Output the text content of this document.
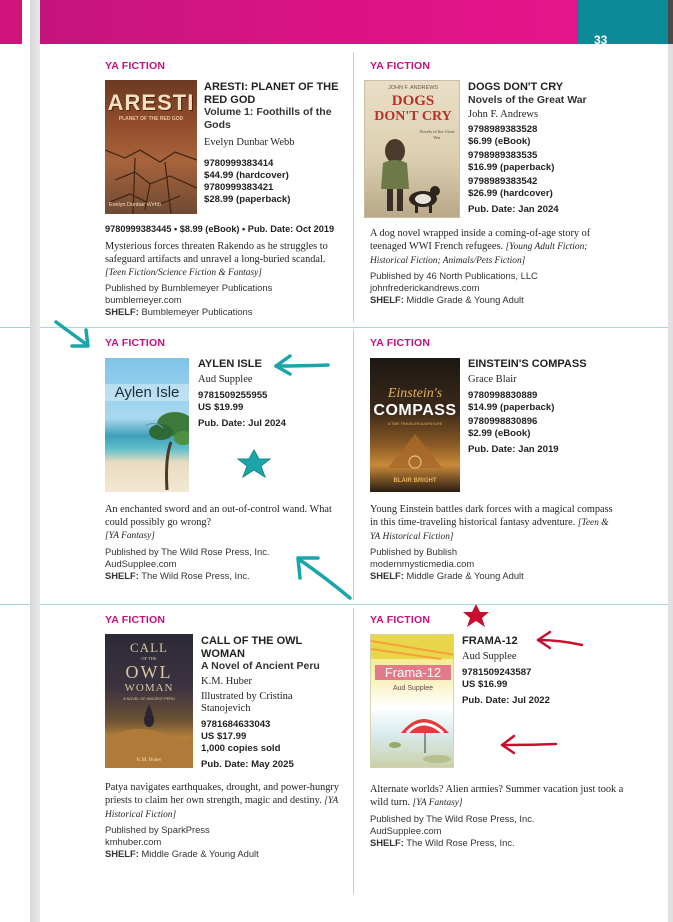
33
YA FICTION
ARESTI
PLANET OF THE RED GOD
Evelyn Dunbar Webb
ARESTI: PLANET OF THE RED GOD
Volume 1: Foothills of the Gods
Evelyn Dunbar Webb
9780999383414
$44.99 (hardcover)
9780999383421
$28.99 (paperback)
9780999383445 • $8.99 (eBook) • Pub. Date: Oct 2019
Mysterious forces threaten Rakendo as he struggles to safeguard artifacts and unravel a long-buried scandal. [Teen Fiction/Science Fiction & Fantasy]
Published by Bumblemeyer Publications
bumblemeyer.com
SHELF: Bumblemeyer Publications
YA FICTION
JOHN F. ANDREWS
DOGS
DON'T CRY
Novels of the Great War
DOGS DON'T CRY
Novels of the Great War
John F. Andrews
9798989383528
$6.99 (eBook)
9798989383535
$16.99 (paperback)
9798989383542
$26.99 (hardcover)
Pub. Date: Jan 2024
A dog novel wrapped inside a coming-of-age story of teenaged WWI French refugees. [Young Adult Fiction; Historical Fiction; Animals/Pets Fiction]
Published by 46 North Publications, LLC
johnfrederickandrews.com
SHELF: Middle Grade & Young Adult
YA FICTION
Aylen Isle
AYLEN ISLE
Aud Supplee
9781509255955
US $19.99
Pub. Date: Jul 2024
An enchanted sword and an out-of-control wand. What could possibly go wrong?
[YA Fantasy]
Published by The Wild Rose Press, Inc.
AudSupplee.com
SHELF: The Wild Rose Press, Inc.
YA FICTION
Einstein's
COMPASS
A TIME TRAVELER ADVENTURE
BLAIR BRIGHT
EINSTEIN'S COMPASS
Grace Blair
9780998830889
$14.99 (paperback)
9780998830896
$2.99 (eBook)
Pub. Date: Jan 2019
Young Einstein battles dark forces with a magical compass in this time-traveling historical fantasy adventure. [Teen & YA Historical Fiction]
Published by Bublish
modernmysticmedia.com
SHELF: Middle Grade & Young Adult
YA FICTION
CALL
OF THE
OWL
WOMAN
A NOVEL OF ANCIENT PERU
K.M. Huber
CALL OF THE OWL WOMAN
A Novel of Ancient Peru
K.M. Huber
Illustrated by Cristina Stanojevich
9781684633043
US $17.99
1,000 copies sold
Pub. Date: May 2025
Patya navigates earthquakes, drought, and power-hungry priests to claim her own strength, magic and destiny. [YA Historical Fiction]
Published by SparkPress
kmhuber.com
SHELF: Middle Grade & Young Adult
YA FICTION
Frama-12
Aud Supplee
FRAMA-12
Aud Supplee
9781509243587
US $16.99
Pub. Date: Jul 2022
Alternate worlds? Alien armies? Summer vacation just took a wild turn. [YA Fantasy]
Published by The Wild Rose Press, Inc.
AudSupplee.com
SHELF: The Wild Rose Press, Inc.
